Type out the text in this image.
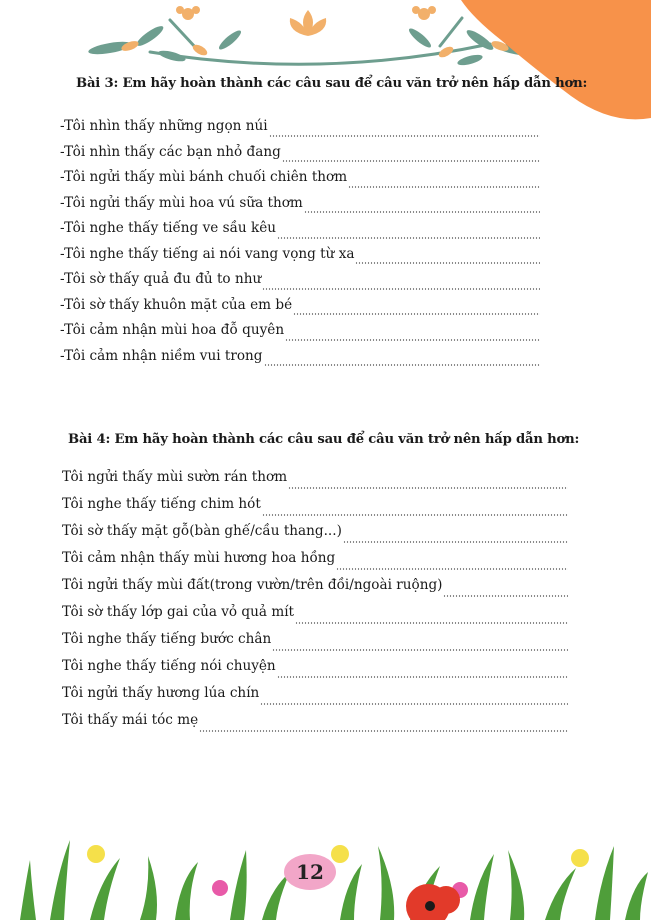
Bài 3: Em hãy hoàn thành các câu sau để câu văn trở nên hấp dẫn hơn:
-Tôi nhìn thấy những ngọn núi
-Tôi nhìn thấy các bạn nhỏ đang
-Tôi ngửi thấy mùi bánh chuối chiên thơm
-Tôi ngửi thấy mùi hoa vú sữa thơm
-Tôi nghe thấy tiếng ve sầu kêu
-Tôi nghe thấy tiếng ai nói vang vọng từ xa
-Tôi sờ thấy quả đu đủ to như
-Tôi sờ thấy khuôn mặt của em bé
-Tôi cảm nhận mùi hoa đỗ quyên
-Tôi cảm nhận niềm vui trong
Bài 4: Em hãy hoàn thành các câu sau để câu văn trở nên hấp dẫn hơn:
Tôi ngửi thấy mùi sườn rán thơm
Tôi nghe thấy tiếng chim hót
Tôi sờ thấy mặt gỗ(bàn ghế/cầu thang...)
Tôi cảm nhận thấy mùi hương hoa hồng
Tôi ngửi thấy mùi đất(trong vườn/trên đồi/ngoài ruộng)
Tôi sờ thấy lớp gai của vỏ quả mít
Tôi nghe thấy tiếng bước chân
Tôi nghe thấy tiếng nói chuyện
Tôi ngửi thấy hương lúa chín
Tôi thấy mái tóc mẹ
12
